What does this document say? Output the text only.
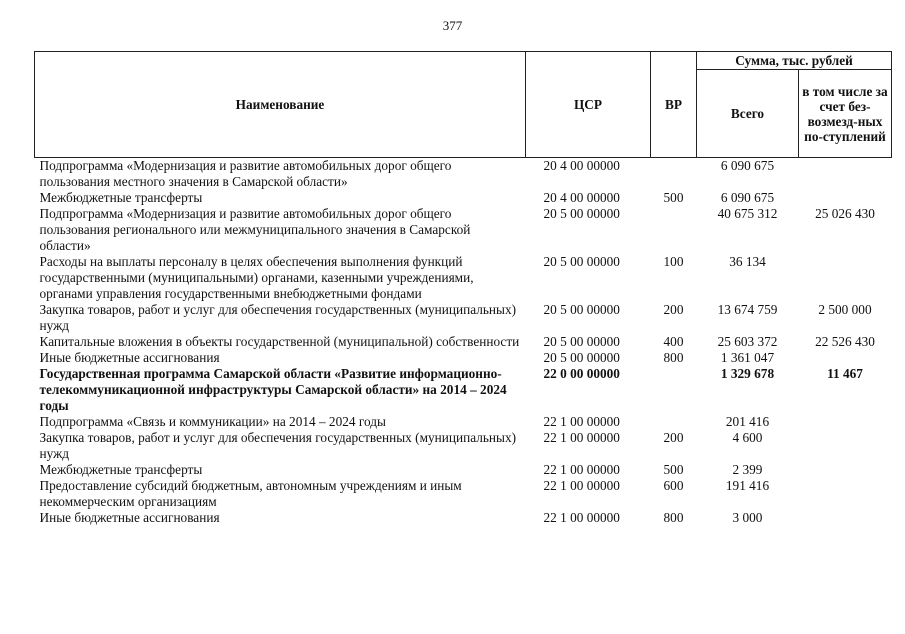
377
Наименование	ЦСР	ВР	Сумма, тыс. рублей	
			Всего	в том числе за счет без-возмезд-ных по-ступлений
Подпрограмма «Модернизация и развитие автомобильных дорог общего пользования местного значения в Самарской области»	20 4 00 00000		6 090 675	
Межбюджетные трансферты	20 4 00 00000	500	6 090 675	
Подпрограмма «Модернизация и развитие автомобильных дорог общего пользования регионального или межмуниципального значения в Самарской области»	20 5 00 00000		40 675 312	25 026 430
Расходы на выплаты персоналу в целях обеспечения выполнения функций государственными (муниципальными) органами, казенными учреждениями, органами управления государственными внебюджетными фондами	20 5 00 00000	100	36 134	
Закупка товаров, работ и услуг для обеспечения государственных (муниципальных) нужд	20 5 00 00000	200	13 674 759	2 500 000
Капитальные вложения в объекты государственной (муниципальной) собственности	20 5 00 00000	400	25 603 372	22 526 430
Иные бюджетные ассигнования	20 5 00 00000	800	1 361 047	
Государственная программа Самарской области «Развитие информационно-телекоммуникационной инфраструктуры Самарской области» на 2014 – 2024 годы	22 0 00 00000		1 329 678	11 467
Подпрограмма «Связь и коммуникации» на 2014 – 2024 годы	22 1 00 00000		201 416	
Закупка товаров, работ и услуг для обеспечения государственных (муниципальных) нужд	22 1 00 00000	200	4 600	
Межбюджетные трансферты	22 1 00 00000	500	2 399	
Предоставление субсидий бюджетным, автономным учреждениям и иным некоммерческим организациям	22 1 00 00000	600	191 416	
Иные бюджетные ассигнования	22 1 00 00000	800	3 000	
